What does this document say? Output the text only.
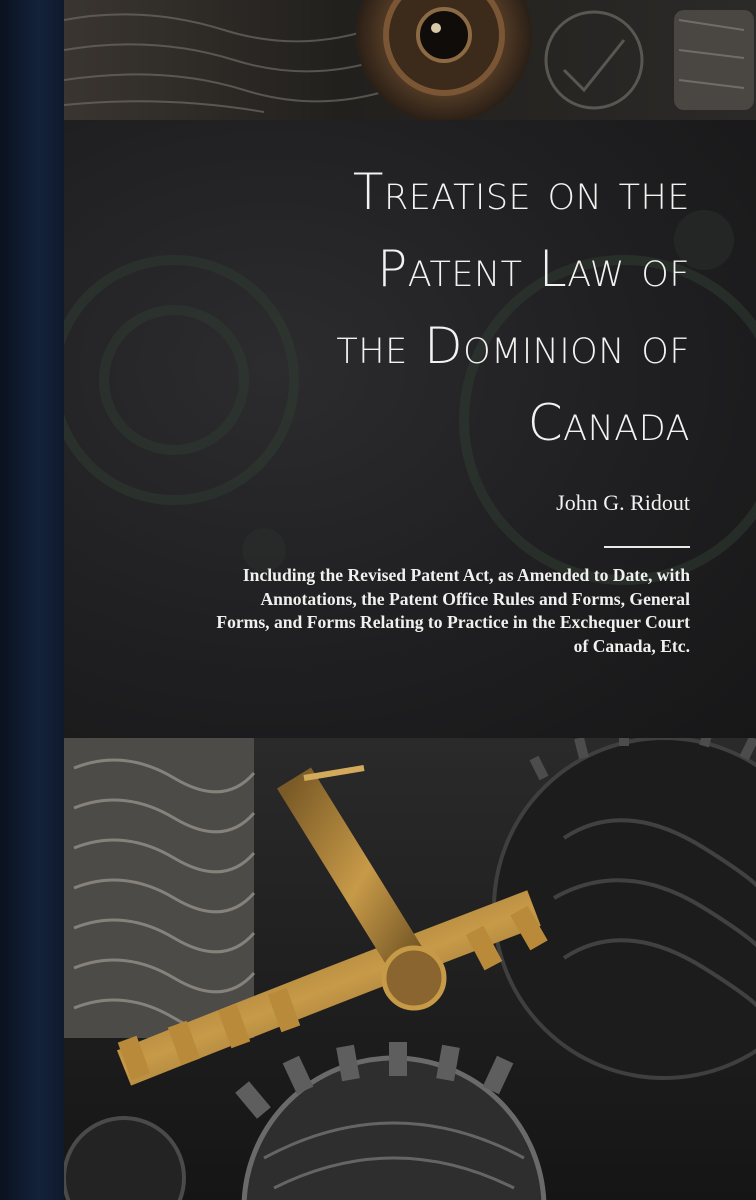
Treatise on the
Patent Law of
the Dominion of
Canada
John G. Ridout
Including the Revised Patent Act, as Amended to Date, with
Annotations, the Patent Office Rules and Forms, General
Forms, and Forms Relating to Practice in the Exchequer Court
of Canada, Etc.
